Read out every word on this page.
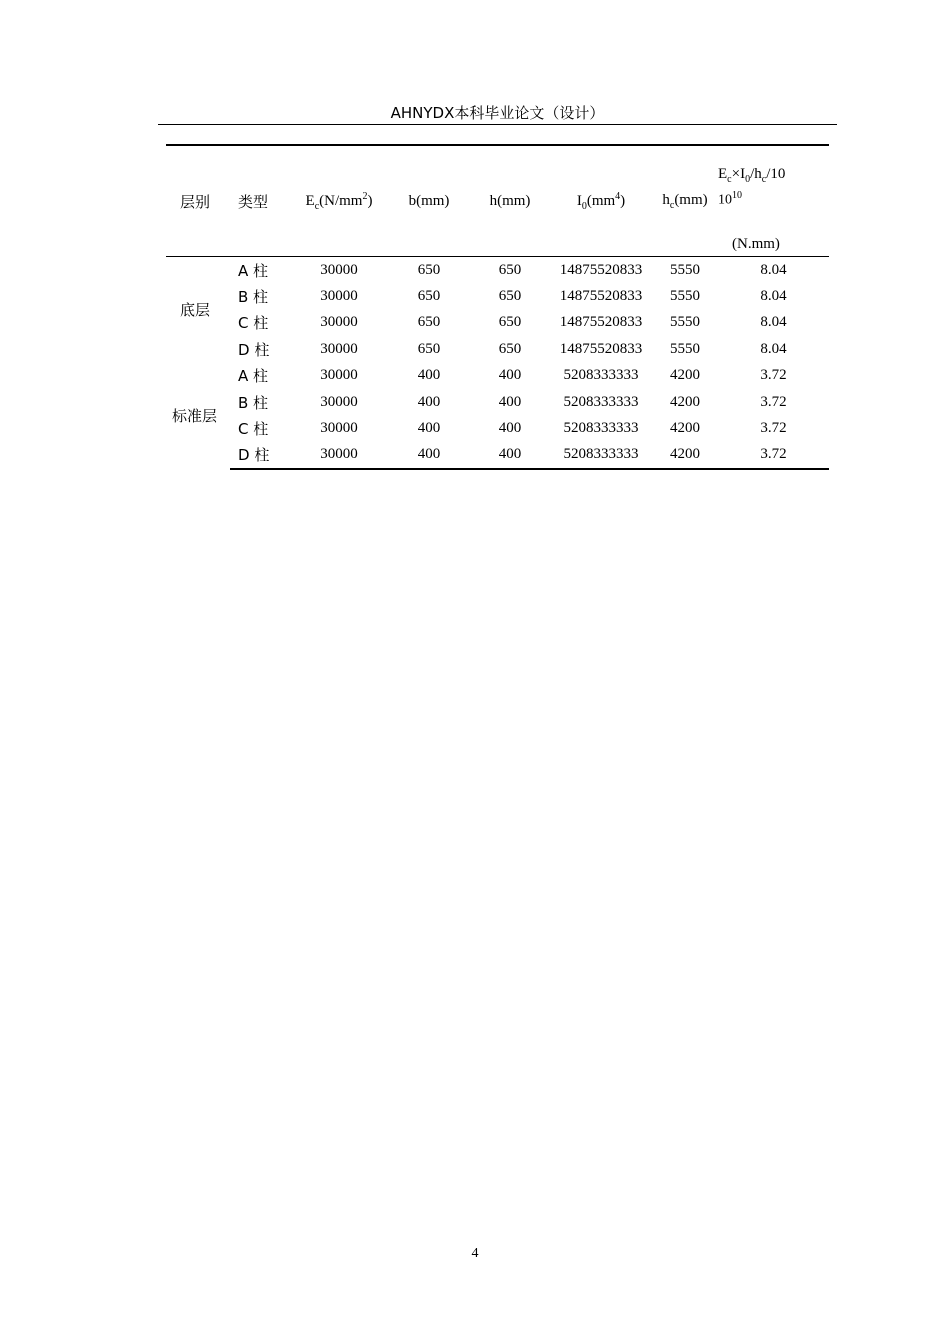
AHNYDX本科毕业论文（设计）
层别	类型	$E_c(N/mm^2)$	b(mm)	h(mm)	$I_0(mm^4)$	$h_c(mm)$	$E_c\times I_0/h_c/10$
$10^{10}$
(N.mm)

底层	A 柱	30000	650	650	14875520833	5550	8.04
	B 柱	30000	650	650	14875520833	5550	8.04
	C 柱	30000	650	650	14875520833	5550	8.04
	D 柱	30000	650	650	14875520833	5550	8.04
标准层	A 柱	30000	400	400	5208333333	4200	3.72
	B 柱	30000	400	400	5208333333	4200	3.72
	C 柱	30000	400	400	5208333333	4200	3.72
	D 柱	30000	400	400	5208333333	4200	3.72
4
